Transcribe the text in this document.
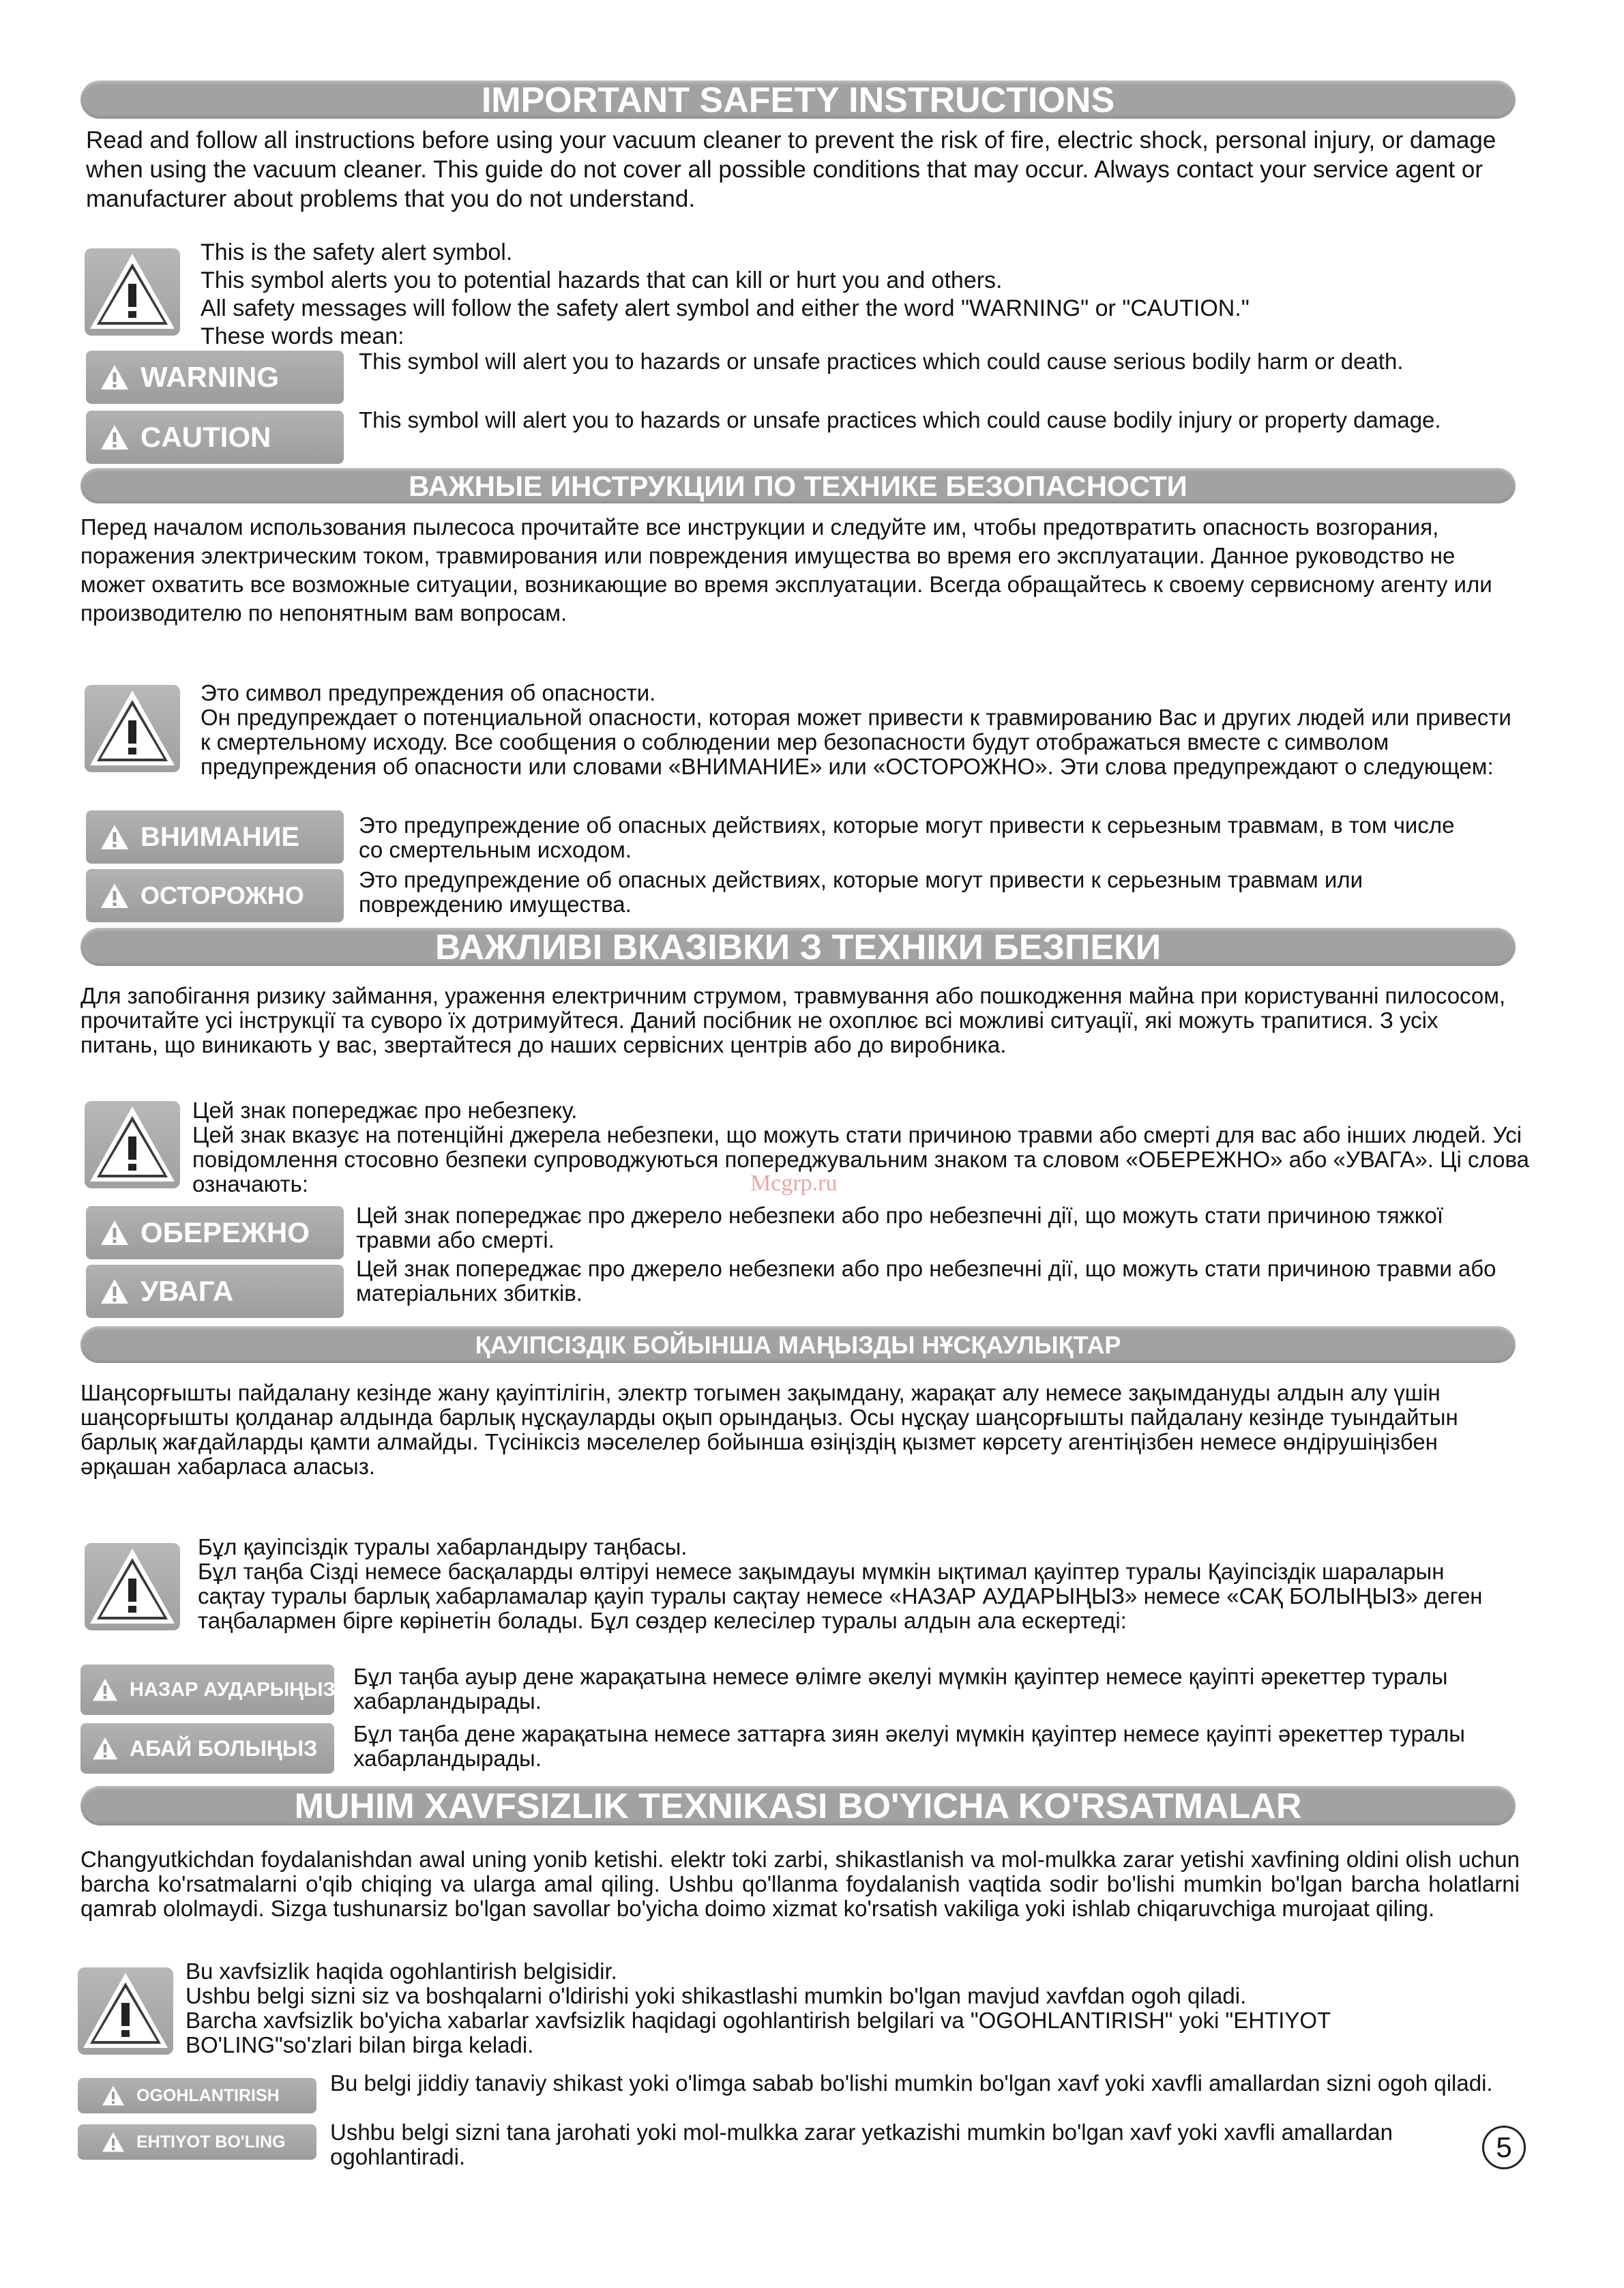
IMPORTANT SAFETY INSTRUCTIONS

Read and follow all instructions before using your vacuum cleaner to prevent the risk of fire, electric shock, personal injury, or damage when using the vacuum cleaner. This guide do not cover all possible conditions that may occur. Always contact your service agent or manufacturer about problems that you do not understand.

This is the safety alert symbol.
This symbol alerts you to potential hazards that can kill or hurt you and others.
All safety messages will follow the safety alert symbol and either the word "WARNING" or "CAUTION."
These words mean:

WARNING	This symbol will alert you to hazards or unsafe practices which could cause serious bodily harm or death.

CAUTION

This symbol will alert you to hazards or unsafe practices which could cause bodily injury or property damage.

ВАЖНЫЕ ИНСТРУКЦИИ ПО ТЕХНИКЕ БЕЗОПАСНОСТИ

Перед началом использования пылесоса прочитайте все инструкции и следуйте им, чтобы предотвратить опасность возгорания, поражения электрическим током, травмирования или повреждения имущества во время его эксплуатации. Данное руководство не может охватить все возможные ситуации, возникающие во время эксплуатации. Всегда обращайтесь к своему сервисному агенту или производителю по непонятным вам вопросам.

Это символ предупреждения об опасности.
Он предупреждает о потенциальной опасности, которая может привести к травмированию Вас и других людей или привести к смертельному исходу. Все сообщения о соблюдении мер безопасности будут отображаться вместе с символом предупреждения об опасности или словами «ВНИМАНИЕ» или «ОСТОРОЖНО». Эти слова предупреждают о следующем:

ВНИМАНИЕ	Это предупреждение об опасных действиях, которые могут привести к серьезным травмам, в том числе со смертельным исходом.

ОСТОРОЖНО

Это предупреждение об опасных действиях, которые могут привести к серьезным травмам или повреждению имущества.

ВАЖЛИВІ ВКАЗІВКИ З ТЕХНІКИ БЕЗПЕКИ

Для запобігання ризику займання, ураження електричним струмом, травмування або пошкодження майна при користуванні пилососом, прочитайте усі інструкції та суворо їх дотримуйтеся. Даний посібник не охоплює всі можливі ситуації, які можуть трапитися. З усіх питань, що виникають у вас, звертайтеся до наших сервісних центрів або до виробника.

Цей знак попереджає про небезпеку.
Цей знак вказує на потенційні джерела небезпеки, що можуть стати причиною травми або смерті для вас або інших людей. Усі повідомлення стосовно безпеки супроводжуються попереджувальним знаком та словом «ОБЕРЕЖНО» або «УВАГА». Ці слова означають:

ОБЕРЕЖНО

Цей знак попереджає про джерело небезпеки або про небезпечні дії, що можуть стати причиною тяжкої травми або смерті.

УВАГА

Цей знак попереджає про джерело небезпеки або про небезпечні дії, що можуть стати причиною травми або матеріальних збитків.

ҚАУІПСІЗДІК БОЙЫНША МАҢЫЗДЫ НҰСҚАУЛЫҚТАР

Шаңсорғышты пайдалану кезінде жану қауіптілігін, электр тогымен зақымдану, жарақат алу немесе зақымдануды алдын алу үшін шаңсорғышты қолданар алдында барлық нұсқауларды оқып орындаңыз. Осы нұсқау шаңсорғышты пайдалану кезінде туындайтын барлық жағдайларды қамти алмайды. Түсініксіз мәселелер бойынша өзіңіздің қызмет көрсету агентіңізбен немесе өндірушіңізбен әрқашан хабарласа аласыз.

Бұл қауіпсіздік туралы хабарландыру таңбасы.
Бұл таңба Сізді немесе басқаларды өлтіруі немесе зақымдауы мүмкін ықтимал қауіптер туралы Қауіпсіздік шараларын сақтау туралы барлық хабарламалар қауіп туралы сақтау немесе «НАЗАР АУДАРЫҢЫЗ» немесе «САҚ БОЛЫҢЫЗ» деген таңбалармен бірге көрінетін болады. Бұл сөздер келесілер туралы алдын ала ескертеді:

НАЗАР АУДАРЫҢЫЗ

Бұл таңба ауыр дене жарақатына немесе өлімге әкелуі мүмкін қауіптер немесе қауіпті әрекеттер туралы хабарландырады.

АБАЙ БОЛЫҢЫЗ

Бұл таңба дене жарақатына немесе заттарға зиян әкелуі мүмкін қауіптер немесе қауіпті әрекеттер туралы хабарландырады.

MUHIM XAVFSIZLIK TEXNIKASI BO'YICHA KO'RSATMALAR

Changyutkichdan foydalanishdan awal uning yonib ketishi. elektr toki zarbi, shikastlanish va mol-mulkka zarar yetishi xavfining oldini olish uchun barcha ko'rsatmalarni o'qib chiqing va ularga amal qiling. Ushbu qo'llanma foydalanish vaqtida sodir bo'lishi mumkin bo'lgan barcha holatlarni qamrab ololmaydi. Sizga tushunarsiz bo'lgan savollar bo'yicha doimo xizmat ko'rsatish vakiliga yoki ishlab chiqaruvchiga murojaat qiling.

Bu xavfsizlik haqida ogohlantirish belgisidir.
Ushbu belgi sizni siz va boshqalarni o'ldirishi yoki shikastlashi mumkin bo'lgan mavjud xavfdan ogoh qiladi.
Barcha xavfsizlik bo'yicha xabarlar xavfsizlik haqidagi ogohlantirish belgilari va "OGOHLANTIRISH" yoki "EHTIYOT BO'LING"so'zlari bilan birga keladi.

OGOHLANTIRISH Bu belgi jiddiy tanaviy shikast yoki o'limga sabab bo'lishi mumkin bo'lgan xavf yoki xavfli amallardan sizni ogoh qiladi.

EHTIYOT BO'LING Ushbu belgi sizni tana jarohati yoki mol-mulkka zarar yetkazishi mumkin bo'lgan xavf yoki xavfli amallardan ogohlantiradi.

Mcgrp.ru
5
